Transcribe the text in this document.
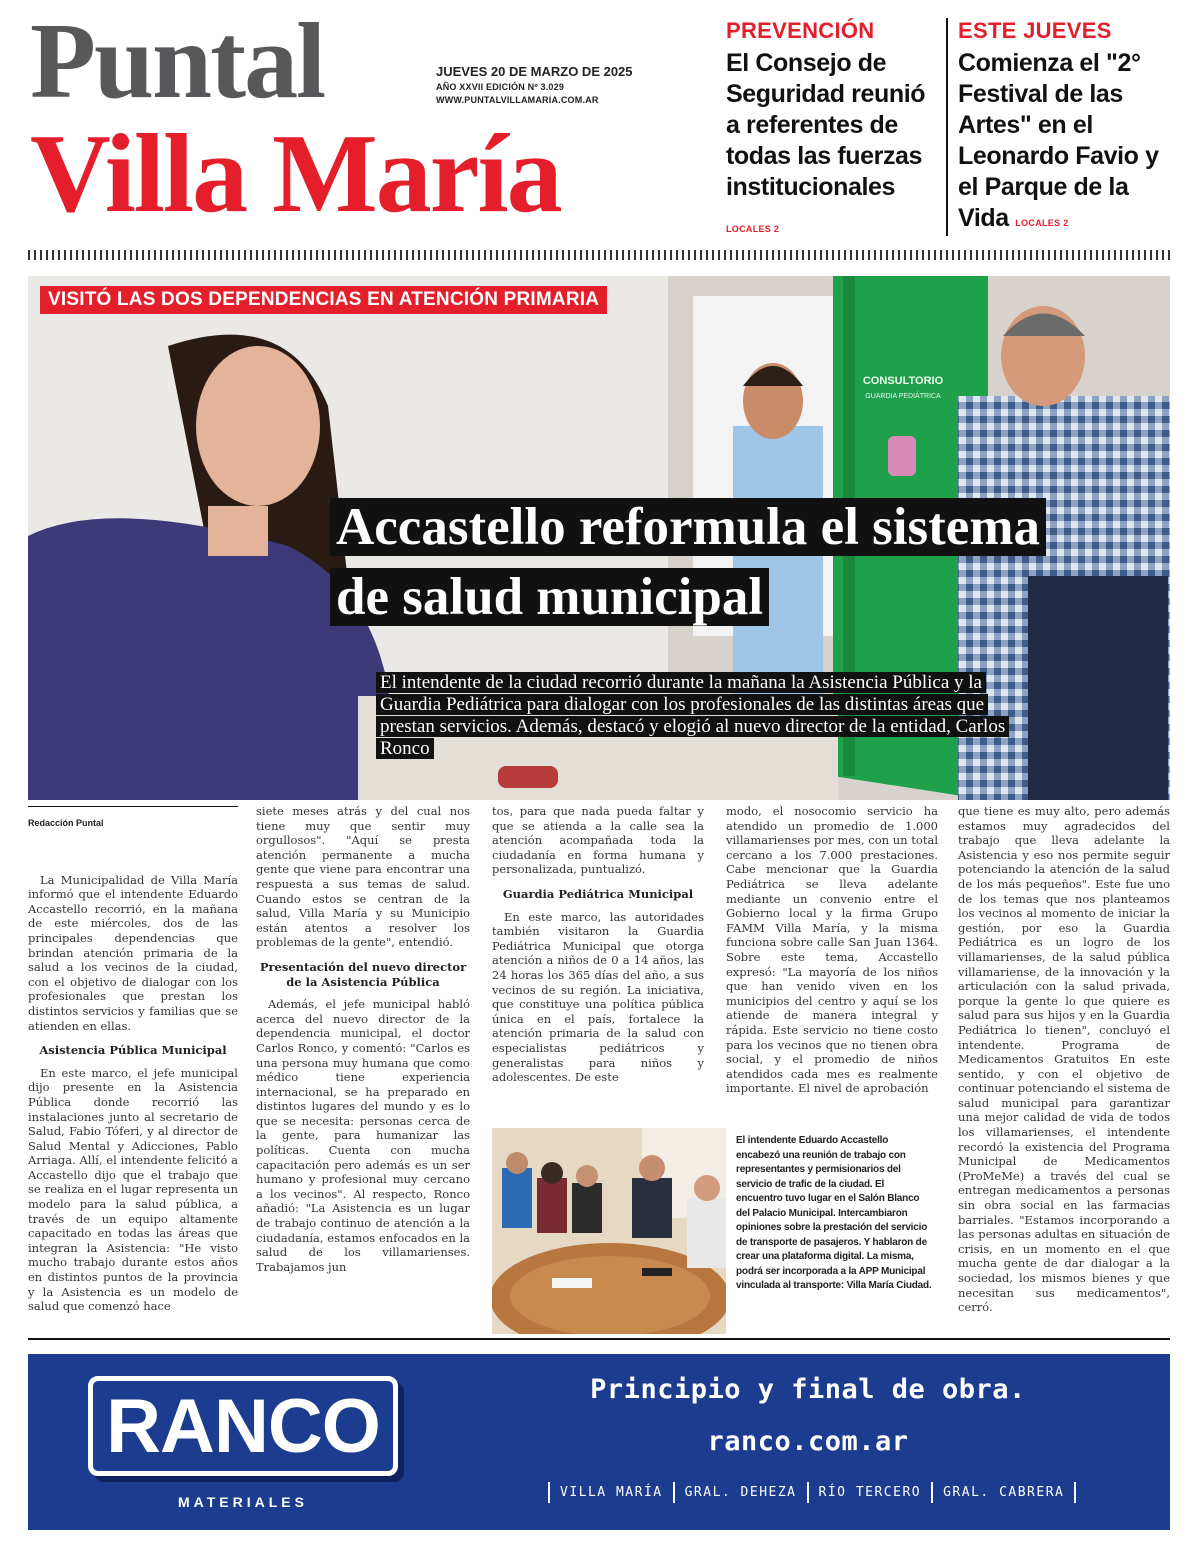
Puntal
Villa María
JUEVES 20 DE MARZO DE 2025
AÑO XXVII EDICIÓN Nº 3.029
WWW.PUNTALVILLAMARIA.COM.AR
PREVENCIÓN
El Consejo de Seguridad reunió a referentes de todas las fuerzas institucionales
LOCALES 2
ESTE JUEVES
Comienza el "2° Festival de las Artes" en el Leonardo Favio y el Parque de la Vida LOCALES 2
CONSULTORIO
GUARDIA PEDIÁTRICA
VISITÓ LAS DOS DEPENDENCIAS EN ATENCIÓN PRIMARIA
Accastello reformula el sistema de salud municipal
El intendente de la ciudad recorrió durante la mañana la Asistencia Pública y la Guardia Pediátrica para dialogar con los profesionales de las distintas áreas que prestan servicios. Además, destacó y elogió al nuevo director de la entidad, Carlos Ronco
Redacción Puntal

La Municipalidad de Villa María informó que el intendente Eduardo Accastello recorrió, en la mañana de este miércoles, dos de las principales dependencias que brindan atención primaria de la salud a los vecinos de la ciudad, con el objetivo de dialogar con los profesionales que prestan los distintos servicios y familias que se atienden en ellas.

Asistencia Pública Municipal

En este marco, el jefe municipal dijo presente en la Asistencia Pública donde recorrió las instalaciones junto al secretario de Salud, Fabio Tóferi, y al director de Salud Mental y Adicciones, Pablo Arriaga. Allí, el intendente felicitó a Accastello dijo que el trabajo que se realiza en el lugar representa un modelo para la salud pública, a través de un equipo altamente capacitado en todas las áreas que integran la Asistencia: "He visto mucho trabajo durante estos años en distintos puntos de la provincia y la Asistencia es un modelo de salud que comenzó hace

siete meses atrás y del cual nos tiene muy que sentir muy orgullosos". "Aquí se presta atención permanente a mucha gente que viene para encontrar una respuesta a sus temas de salud. Cuando estos se centran de la salud, Villa María y su Municipio están atentos a resolver los problemas de la gente", entendió.

Presentación del nuevo director de la Asistencia Pública

Además, el jefe municipal habló acerca del nuevo director de la dependencia municipal, el doctor Carlos Ronco, y comentó: "Carlos es una persona muy humana que como médico tiene experiencia internacional, se ha preparado en distintos lugares del mundo y es lo que se necesita: personas cerca de la gente, para humanizar las políticas. Cuenta con mucha capacitación pero además es un ser humano y profesional muy cercano a los vecinos". Al respecto, Ronco añadió: "La Asistencia es un lugar de trabajo continuo de atención a la ciudadanía, estamos enfocados en la salud de los villamarienses. Trabajamos jun

tos, para que nada pueda faltar y que se atienda a la calle sea la atención acompañada toda la ciudadanía en forma humana y personalizada, puntualizó.

Guardia Pediátrica Municipal

En este marco, las autoridades también visitaron la Guardia Pediátrica Municipal que otorga atención a niños de 0 a 14 años, las 24 horas los 365 días del año, a sus vecinos de su región. La iniciativa, que constituye una política pública única en el país, fortalece la atención primaria de la salud con especialistas pediátricos y generalistas para niños y adolescentes. De este

modo, el nosocomio servicio ha atendido un promedio de 1.000 villamarienses por mes, con un total cercano a los 7.000 prestaciones. Cabe mencionar que la Guardia Pediátrica se lleva adelante mediante un convenio entre el Gobierno local y la firma Grupo FAMM Villa María, y la misma funciona sobre calle San Juan 1364. Sobre este tema, Accastello expresó: "La mayoría de los niños que han venido viven en los municipios del centro y aquí se los atiende de manera integral y rápida. Este servicio no tiene costo para los vecinos que no tienen obra social, y el promedio de niños atendidos cada mes es realmente importante. El nivel de aprobación

que tiene es muy alto, pero además estamos muy agradecidos del trabajo que lleva adelante la Asistencia y eso nos permite seguir potenciando la atención de la salud de los más pequeños". Este fue uno de los temas que nos planteamos los vecinos al momento de iniciar la gestión, por eso la Guardia Pediátrica es un logro de los villamarienses, de la salud pública villamariense, de la innovación y la articulación con la salud privada, porque la gente lo que quiere es salud para sus hijos y en la Guardia Pediátrica lo tienen", concluyó el intendente. Programa de Medicamentos Gratuitos En este sentido, y con el objetivo de continuar potenciando el sistema de salud municipal para garantizar una mejor calidad de vida de todos los villamarienses, el intendente recordó la existencia del Programa Municipal de Medicamentos (ProMeMe) a través del cual se entregan medicamentos a personas sin obra social en las farmacias barriales. "Estamos incorporando a las personas adultas en situación de crisis, en un momento en el que mucha gente de dar dialogar a la sociedad, los mismos bienes y que necesitan sus medicamentos", cerró.

El intendente Eduardo Accastello encabezó una reunión de trabajo con representantes y permisionarios del servicio de trafic de la ciudad. El encuentro tuvo lugar en el Salón Blanco del Palacio Municipal. Intercambiaron opiniones sobre la prestación del servicio de transporte de pasajeros. Y hablaron de crear una plataforma digital. La misma, podrá ser incorporada a la APP Municipal vinculada al transporte: Villa María Ciudad.
RANCO
MATERIALES
Principio y final de obra.
ranco.com.ar
VILLA MARÍA	GRAL. DEHEZA	RÍO TERCERO	GRAL. CABRERA
